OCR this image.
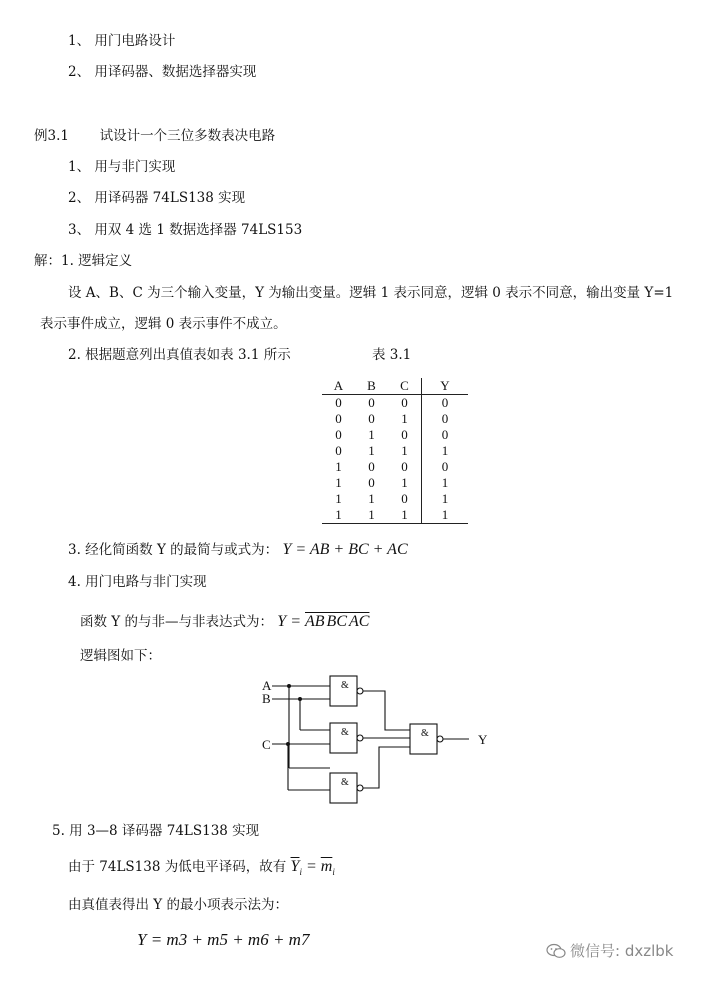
1、 用门电路设计
2、 用译码器、数据选择器实现
例3.1 试设计一个三位多数表决电路
1、 用与非门实现
2、 用译码器 74LS138 实现
3、 用双 4 选 1 数据选择器 74LS153
解：1. 逻辑定义
设 A、B、C 为三个输入变量，Y 为输出变量。逻辑 1 表示同意，逻辑 0 表示不同意，输出变量 Y=1
表示事件成立，逻辑 0 表示事件不成立。
2. 根据题意列出真值表如表 3.1 所示	表 3.1
A	B	C	Y
0	0	0	0
0	0	1	0
0	1	0	0
0	1	1	1
1	0	0	0
1	0	1	1
1	1	0	1
1	1	1	1
3. 经化简函数 Y 的最简与或式为： Y = AB + BC + AC
4. 用门电路与非门实现
函数 Y 的与非—与非表达式为： $Y = \overline{AB}$ $\overline{BC}$ $\overline{AC}$
逻辑图如下：
A
B
C	Y
&
&
&
&
5. 用 3—8 译码器 74LS138 实现
由于 74LS138 为低电平译码，故有 $\overline{Y}_i = \overline{m}_i$
由真值表得出 Y 的最小项表示法为：
Y = m3 + m5 + m6 + m7
微信号: dxzlbk
